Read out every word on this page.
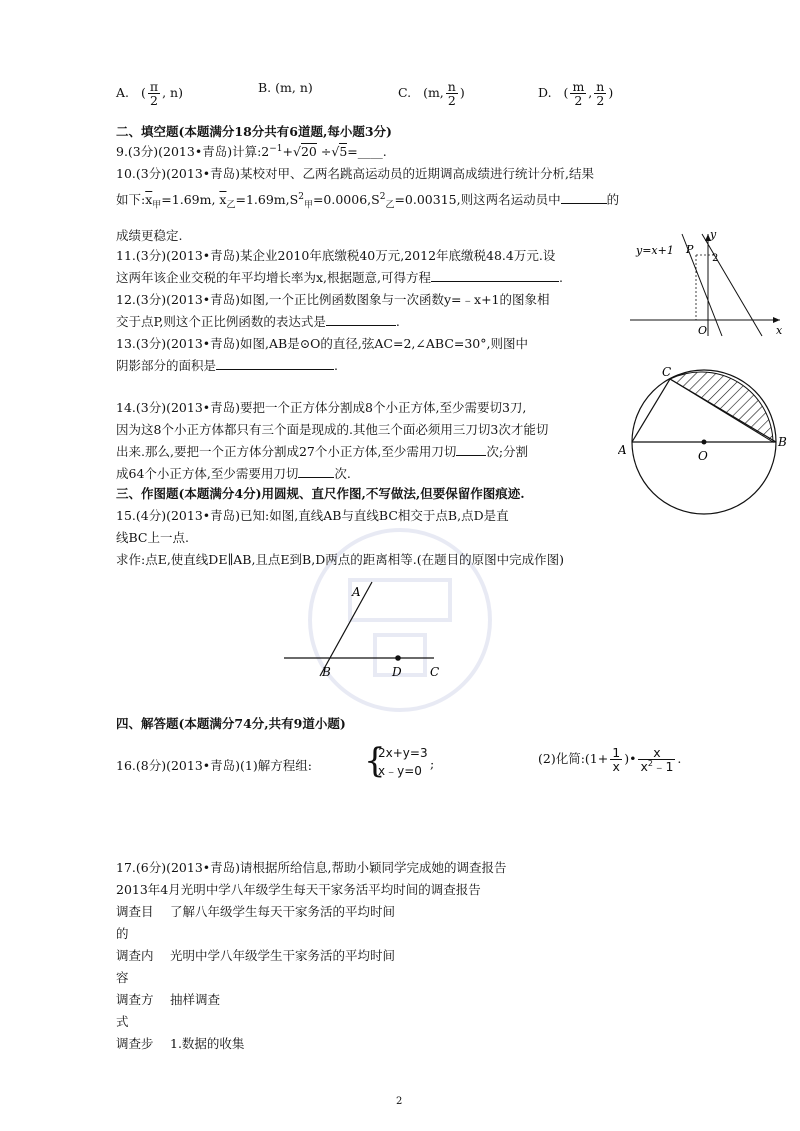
A. ( $\frac{\pi}{2}$ , n)	B. (m, n)	C. (m, $\frac{n}{2}$ )	D. ( $\frac{m}{2}$ , $\frac{n}{2}$ )
二、填空题(本题满分18分共有6道题,每小题3分)
9.(3分)(2013•青岛)计算$:2^{-1}+√20$ ÷√5=____.
10.(3分)(2013•青岛)某校对甲、乙两名跳高运动员的近期调高成绩进行统计分析,结果
如下$:\overline{x}_甲=1.69m$, $\overline{x}_乙=1.69m,S^2_甲=0.0006,S^2_乙=0.00315$,则这两名运动员中	的
成绩更稳定.
11.(3分)(2013•青岛)某企业2010年底缴税40万元,2012年底缴税48.4万元.设
这两年该企业交税的年平均增长率为x,根据题意,可得方程	.
12.(3分)(2013•青岛)如图,一个正比例函数图象与一次函数y=﹣x+1的图象相
交于点P,则这个正比例函数的表达式是	.
13.(3分)(2013•青岛)如图,AB是⊙O的直径,弦AC=2,∠ABC=30°,则图中
阴影部分的面积是	.
14.(3分)(2013•青岛)要把一个正方体分割成8个小正方体,至少需要切3刀,
因为这8个小正方体都只有三个面是现成的.其他三个面必须用三刀切3次才能切
出来.那么,要把一个正方体分割成27个小正方体,至少需用刀切 次;分割
成64个小正方体,至少需要用刀切	次.
三、作图题(本题满分4分)用圆规、直尺作图,不写做法,但要保留作图痕迹.
15.(4分)(2013•青岛)已知:如图,直线AB与直线BC相交于点B,点D是直
线BC上一点.
求作:点E,使直线DE∥AB,且点E到B,D两点的距离相等.(在题目的原图中完成作图)
四、解答题(本题满分74分,共有9道小题)
16.(8分)(2013•青岛)(1)解方程组: {
2x+y=3
x﹣y=0 ;	(2)化简:(1+ $\frac{1}{x}$ )• $\frac{x}{x^2﹣1}$ .
17.(6分)(2013•青岛)请根据所给信息,帮助小颖同学完成她的调查报告
2013年4月光明中学八年级学生每天干家务活平均时间的调查报告
调查目 了解八年级学生每天干家务活的平均时间
的
调查内 光明中学八年级学生干家务活的平均时间
容
调查方 抽样调查
式
调查步 1.数据的收集
2
y
x
O
P
2
y=x+1
A
B
C
O
A
B	D C
